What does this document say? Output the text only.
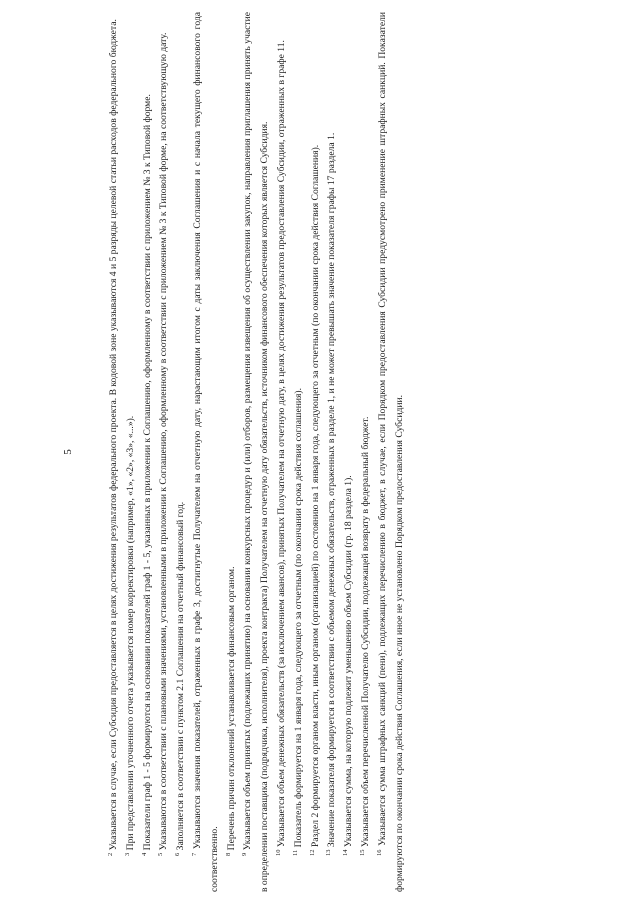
5

$^2$ Указывается в случае, если Субсидия предоставляется в целях достижения результатов федерального проекта. В кодовой зоне указываются 4 и 5 разряды целевой статьи расходов федерального бюджета.

$^3$ При представлении уточненного отчета указывается номер корректировки (например, «1», «2», «3», «...»).

$^4$ Показатели граф 1 - 5 формируются на основании показателей граф 1 - 5, указанных в приложении к Соглашению, оформленному в соответствии с приложением № 3 к Типовой форме.

$^5$ Указываются в соответствии с плановыми значениями, установленными в приложении к Соглашению, оформленному в соответствии с приложением № 3 к Типовой форме, на соответствующую дату.

$^6$ Заполняется в соответствии с пунктом 2.1 Соглашения на отчетный финансовый год.

$^7$ Указываются значения показателей, отраженных в графе 3, достигнутые Получателем на отчетную дату, нарастающим итогом с даты заключения Соглашения и с начала текущего финансового года соответственно. $^8$ Перечень причин отклонений устанавливается финансовым органом.

$^9$ Указывается объем принятых (подлежащих принятию) на основании конкурсных процедур и (или) отборов, размещения извещения об осуществлении закупок, направления приглашения принять участие в определении поставщика (подрядчика, исполнителя), проекта контракта) Получателем на отчетную дату обязательств, источником финансового обеспечения которых является Субсидия. $^{10}$ Указывается объем денежных обязательств (за исключением авансов), принятых Получателем на отчетную дату, в целях достижения результатов предоставления Субсидии, отраженных в графе 11.

$^{11}$ Показатель формируется на 1 января года, следующего за отчетным (по окончании срока действия соглашения).

$^{12}$ Раздел 2 формируется органом власти, иным органом (организацией) по состоянию на 1 января года, следующего за отчетным (по окончании срока действия Соглашения).

$^{13}$ Значение показателя формируется в соответствии с объемом денежных обязательств, отраженных в разделе 1, и не может превышать значение показателя графы 17 раздела 1.

$^{14}$ Указывается сумма, на которую подлежит уменьшению объем Субсидии (гр. 18 раздела 1).

$^{15}$ Указывается объем перечисленной Получателю Субсидии, подлежащей возврату в федеральный бюджет.

$^{16}$ Указывается сумма штрафных санкций (пени), подлежащих перечислению в бюджет, в случае, если Порядком предоставления Субсидии предусмотрено применение штрафных санкций. Показатели формируются по окончании срока действия Соглашения, если иное не установлено Порядком предоставления Субсидии.
